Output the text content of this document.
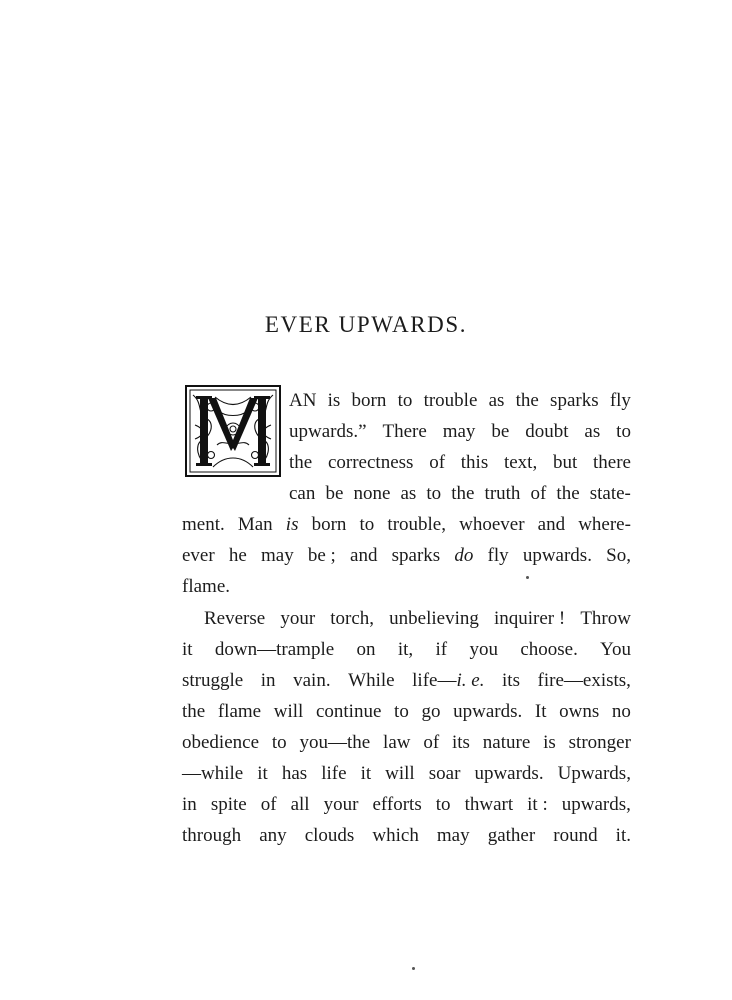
EVER UPWARDS.
AN is born to trouble as the sparks fly
upwards.” There may be doubt as to
the correctness of this text, but there
can be none as to the truth of the state-
ment. Man is born to trouble, whoever and where-
ever he may be ; and sparks do fly upwards. So,
flame.
Reverse your torch, unbelieving inquirer ! Throw
it down—trample on it, if you choose. You
struggle in vain. While life—i. e. its fire—exists,
the flame will continue to go upwards. It owns no
obedience to you—the law of its nature is stronger
—while it has life it will soar upwards. Upwards,
in spite of all your efforts to thwart it : upwards,
through any clouds which may gather round it.
